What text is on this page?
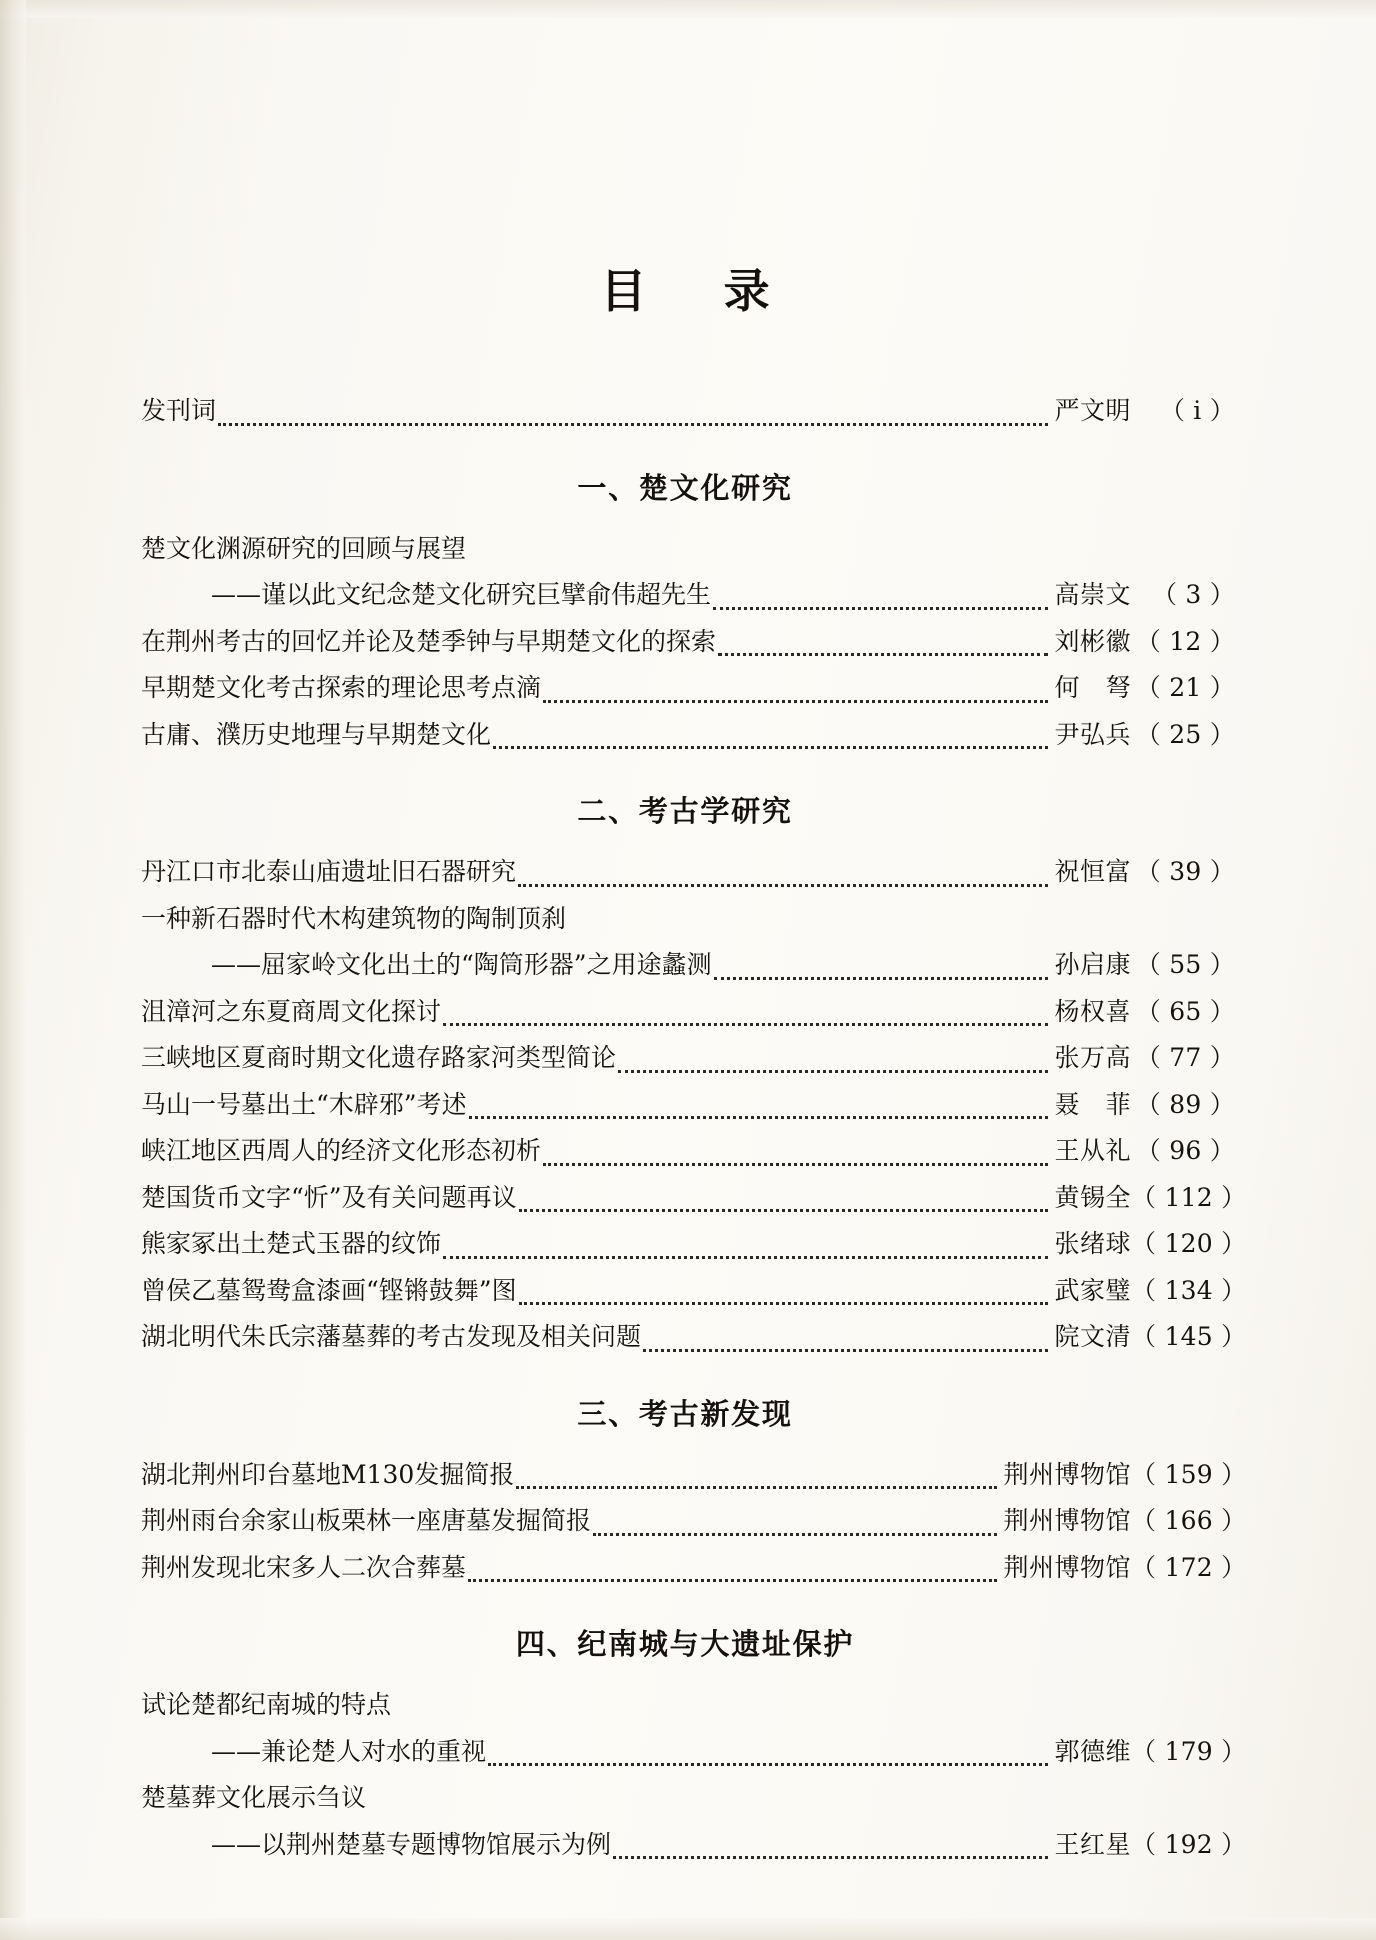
目　录
发刊词	严文明	（ i ）
一、楚文化研究
楚文化渊源研究的回顾与展望
——谨以此文纪念楚文化研究巨擘俞伟超先生	高崇文 （ 3 ）
在荆州考古的回忆并论及楚季钟与早期楚文化的探索	刘彬徽 （ 12 ）
早期楚文化考古探索的理论思考点滴	何　弩 （ 21 ）
古庸、濮历史地理与早期楚文化	尹弘兵 （ 25 ）
二、考古学研究
丹江口市北泰山庙遗址旧石器研究	祝恒富 （ 39 ）
一种新石器时代木构建筑物的陶制顶刹
——屈家岭文化出土的“陶筒形器”之用途蠡测	孙启康 （ 55 ）
沮漳河之东夏商周文化探讨	杨权喜 （ 65 ）
三峡地区夏商时期文化遗存路家河类型简论	张万高 （ 77 ）
马山一号墓出土“木辟邪”考述	聂　菲 （ 89 ）
峡江地区西周人的经济文化形态初析	王从礼 （ 96 ）
楚国货币文字“忻”及有关问题再议	黄锡全 （ 112 ）
熊家冢出土楚式玉器的纹饰	张绪球 （ 120 ）
曾侯乙墓鸳鸯盒漆画“铿锵鼓舞”图	武家璧 （ 134 ）
湖北明代朱氏宗藩墓葬的考古发现及相关问题	院文清 （ 145 ）
三、考古新发现
湖北荆州印台墓地M130发掘简报	荆州博物馆 （ 159 ）
荆州雨台余家山板栗林一座唐墓发掘简报	荆州博物馆 （ 166 ）
荆州发现北宋多人二次合葬墓	荆州博物馆 （ 172 ）
四、纪南城与大遗址保护
试论楚都纪南城的特点
——兼论楚人对水的重视	郭德维 （ 179 ）
楚墓葬文化展示刍议
——以荆州楚墓专题博物馆展示为例	王红星 （ 192 ）
